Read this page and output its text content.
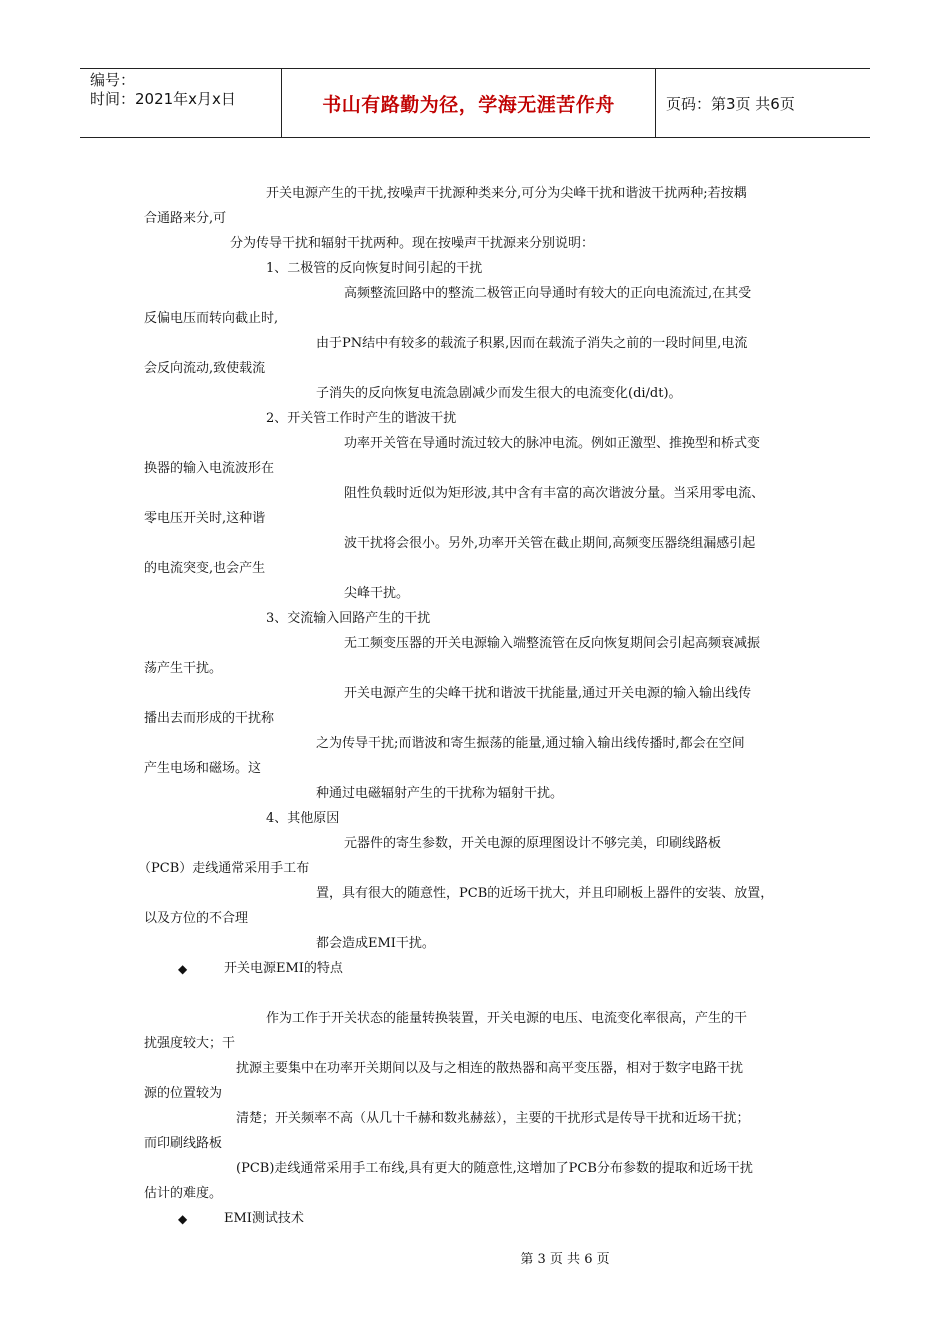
编号：
时间：2021年x月x日	书山有路勤为径，学海无涯苦作舟	页码：第3页 共6页
开关电源产生的干扰,按噪声干扰源种类来分,可分为尖峰干扰和谐波干扰两种;若按耦
合通路来分,可
分为传导干扰和辐射干扰两种。现在按噪声干扰源来分别说明：
1、二极管的反向恢复时间引起的干扰
高频整流回路中的整流二极管正向导通时有较大的正向电流流过,在其受
反偏电压而转向截止时,
由于PN结中有较多的载流子积累,因而在载流子消失之前的一段时间里,电流
会反向流动,致使载流
子消失的反向恢复电流急剧减少而发生很大的电流变化(di/dt)。
2、开关管工作时产生的谐波干扰
功率开关管在导通时流过较大的脉冲电流。例如正激型、推挽型和桥式变
换器的输入电流波形在
阻性负载时近似为矩形波,其中含有丰富的高次谐波分量。当采用零电流、
零电压开关时,这种谐
波干扰将会很小。另外,功率开关管在截止期间,高频变压器绕组漏感引起
的电流突变,也会产生
尖峰干扰。
3、交流输入回路产生的干扰
无工频变压器的开关电源输入端整流管在反向恢复期间会引起高频衰减振
荡产生干扰。
开关电源产生的尖峰干扰和谐波干扰能量,通过开关电源的输入输出线传
播出去而形成的干扰称
之为传导干扰;而谐波和寄生振荡的能量,通过输入输出线传播时,都会在空间
产生电场和磁场。这
种通过电磁辐射产生的干扰称为辐射干扰。
4、其他原因
元器件的寄生参数，开关电源的原理图设计不够完美，印刷线路板
（PCB）走线通常采用手工布
置，具有很大的随意性，PCB的近场干扰大，并且印刷板上器件的安装、放置，
以及方位的不合理
都会造成EMI干扰。
◆	开关电源EMI的特点
作为工作于开关状态的能量转换装置，开关电源的电压、电流变化率很高，产生的干
扰强度较大；干
扰源主要集中在功率开关期间以及与之相连的散热器和高平变压器，相对于数字电路干扰
源的位置较为
清楚；开关频率不高（从几十千赫和数兆赫兹），主要的干扰形式是传导干扰和近场干扰；
而印刷线路板
(PCB)走线通常采用手工布线,具有更大的随意性,这增加了PCB分布参数的提取和近场干扰
估计的难度。
◆	EMI测试技术
第 3 页 共 6 页
